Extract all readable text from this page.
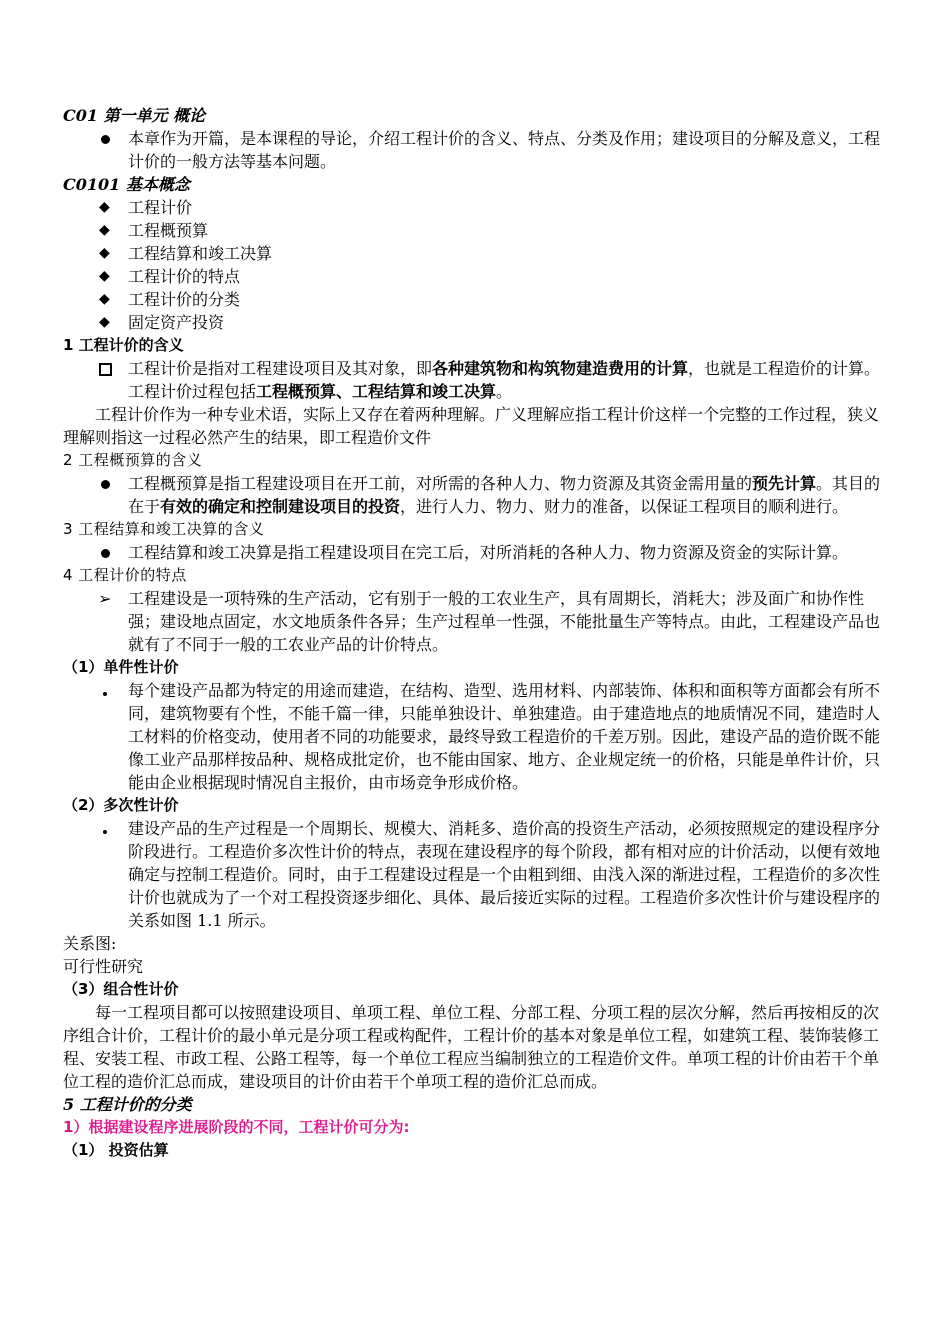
C01 第一单元 概论
本章作为开篇，是本课程的导论，介绍工程计价的含义、特点、分类及作用；建设项目的分解及意义，工程计价的一般方法等基本问题。
C0101 基本概念
◆ 工程计价
◆ 工程概预算
◆ 工程结算和竣工决算
◆ 工程计价的特点
◆ 工程计价的分类
◆ 固定资产投资
1 工程计价的含义
工程计价是指对工程建设项目及其对象，即各种建筑物和构筑物建造费用的计算，也就是工程造价的计算。工程计价过程包括工程概预算、工程结算和竣工决算。
工程计价作为一种专业术语，实际上又存在着两种理解。广义理解应指工程计价这样一个完整的工作过程，狭义理解则指这一过程必然产生的结果，即工程造价文件
2 工程概预算的含义
工程概预算是指工程建设项目在开工前，对所需的各种人力、物力资源及其资金需用量的预先计算。其目的在于有效的确定和控制建设项目的投资，进行人力、物力、财力的准备，以保证工程项目的顺利进行。
3 工程结算和竣工决算的含义
工程结算和竣工决算是指工程建设项目在完工后，对所消耗的各种人力、物力资源及资金的实际计算。
4 工程计价的特点
➢ 工程建设是一项特殊的生产活动，它有别于一般的工农业生产，具有周期长，消耗大；涉及面广和协作性强；建设地点固定，水文地质条件各异；生产过程单一性强，不能批量生产等特点。由此，工程建设产品也就有了不同于一般的工农业产品的计价特点。
（1）单件性计价
每个建设产品都为特定的用途而建造，在结构、造型、选用材料、内部装饰、体积和面积等方面都会有所不同，建筑物要有个性，不能千篇一律，只能单独设计、单独建造。由于建造地点的地质情况不同，建造时人工材料的价格变动，使用者不同的功能要求，最终导致工程造价的千差万别。因此，建设产品的造价既不能像工业产品那样按品种、规格成批定价，也不能由国家、地方、企业规定统一的价格，只能是单件计价，只能由企业根据现时情况自主报价，由市场竞争形成价格。
（2）多次性计价
建设产品的生产过程是一个周期长、规模大、消耗多、造价高的投资生产活动，必须按照规定的建设程序分阶段进行。工程造价多次性计价的特点，表现在建设程序的每个阶段，都有相对应的计价活动，以便有效地确定与控制工程造价。同时，由于工程建设过程是一个由粗到细、由浅入深的渐进过程，工程造价的多次性计价也就成为了一个对工程投资逐步细化、具体、最后接近实际的过程。工程造价多次性计价与建设程序的关系如图 1.1 所示。
关系图:
可行性研究
（3）组合性计价
每一工程项目都可以按照建设项目、单项工程、单位工程、分部工程、分项工程的层次分解，然后再按相反的次序组合计价，工程计价的最小单元是分项工程或构配件，工程计价的基本对象是单位工程，如建筑工程、装饰装修工程、安装工程、市政工程、公路工程等，每一个单位工程应当编制独立的工程造价文件。单项工程的计价由若干个单位工程的造价汇总而成，建设项目的计价由若干个单项工程的造价汇总而成。
5 工程计价的分类
1）根据建设程序进展阶段的不同，工程计价可分为:
（1） 投资估算
